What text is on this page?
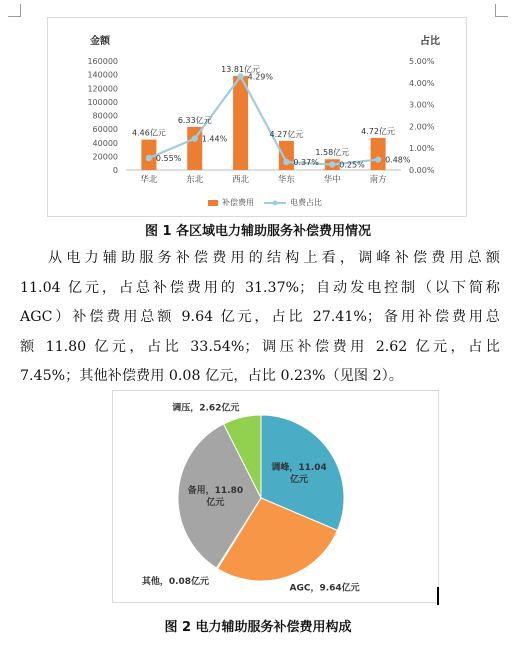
金额	占比
0
20000
40000
60000
80000
100000
120000
140000
160000
0.00%
1.00%
2.00%
3.00%
4.00%
5.00%
4.46亿元
6.33亿元
13.81亿元
4.27亿元
1.58亿元
4.72亿元
0.55%
1.44%
4.29%
0.37%	0.25%
0.48%
华北	东北	西北	华东	华中	南方
补偿费用	电费占比
图 1 各区域电力辅助服务补偿费用情况
从电力辅助服务补偿费用的结构上看，调峰补偿费用总额
11.04 亿元，占总补偿费用的 31.37%；自动发电控制（以下简称
AGC）补偿费用总额 9.64 亿元，占比 27.41%；备用补偿费用总
额 11.80 亿元，占比 33.54%；调压补偿费用 2.62 亿元，占比
7.45%；其他补偿费用 0.08 亿元，占比 0.23%（见图 2）。
调峰，11.04
亿元
AGC，9.64亿元
其他，0.08亿元
备用，11.80
亿元
调压，2.62亿元
图 2 电力辅助服务补偿费用构成
